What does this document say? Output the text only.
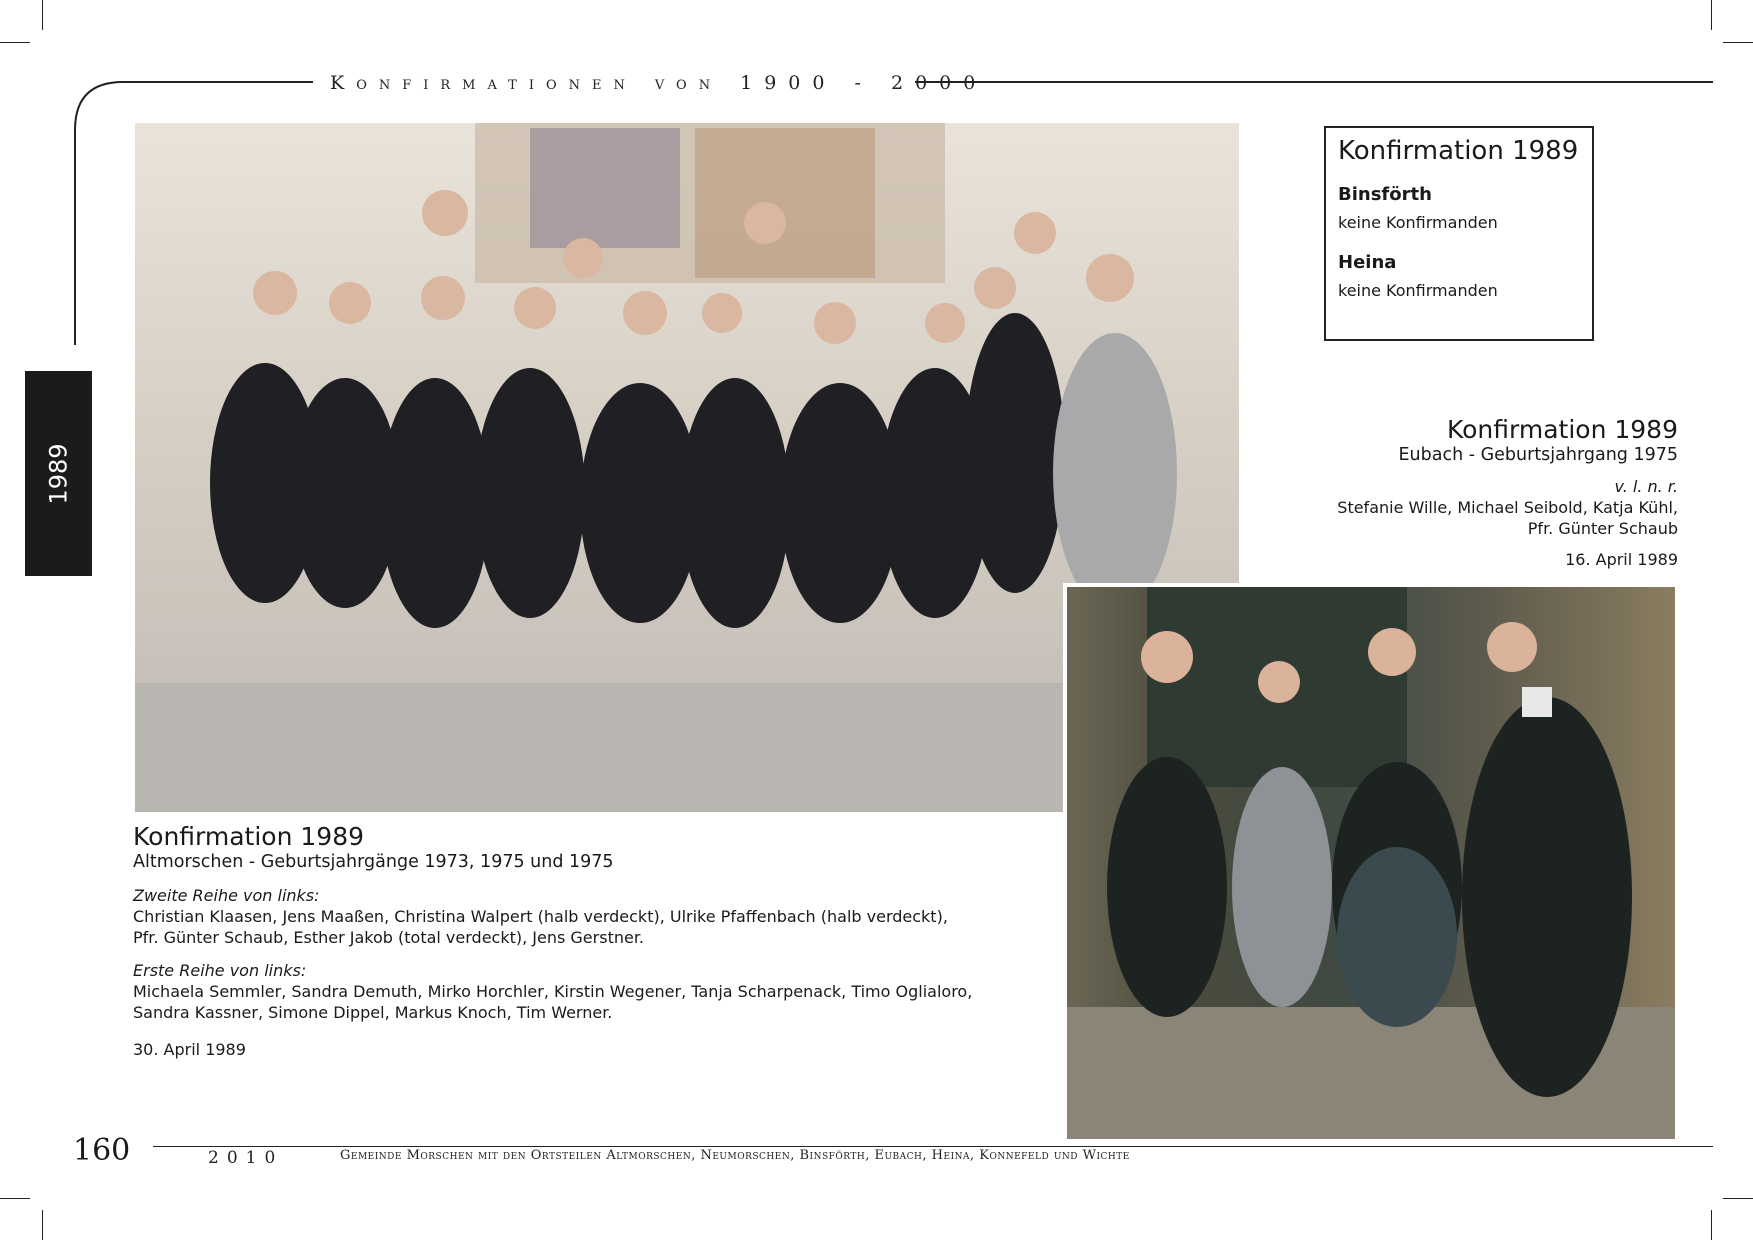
Konfirmationen von 1900 - 2000
1989
Konfirmation 1989
Binsförth
keine Konfirmanden
Heina
keine Konfirmanden
Konfirmation 1989
Eubach - Geburtsjahrgang 1975
v. l. n. r.
Stefanie Wille, Michael Seibold, Katja Kühl,
Pfr. Günter Schaub
16. April 1989
Konfirmation 1989
Altmorschen - Geburtsjahrgänge 1973, 1975 und 1975
Zweite Reihe von links:
Christian Klaasen, Jens Maaßen, Christina Walpert (halb verdeckt), Ulrike Pfaffenbach (halb verdeckt),
Pfr. Günter Schaub, Esther Jakob (total verdeckt), Jens Gerstner.
Erste Reihe von links:
Michaela Semmler, Sandra Demuth, Mirko Horchler, Kirstin Wegener, Tanja Scharpenack, Timo Oglialoro,
Sandra Kassner, Simone Dippel, Markus Knoch, Tim Werner.
30. April 1989
160	2010	Gemeinde Morschen mit den Ortsteilen Altmorschen, Neumorschen, Binsförth, Eubach, Heina, Konnefeld und Wichte
